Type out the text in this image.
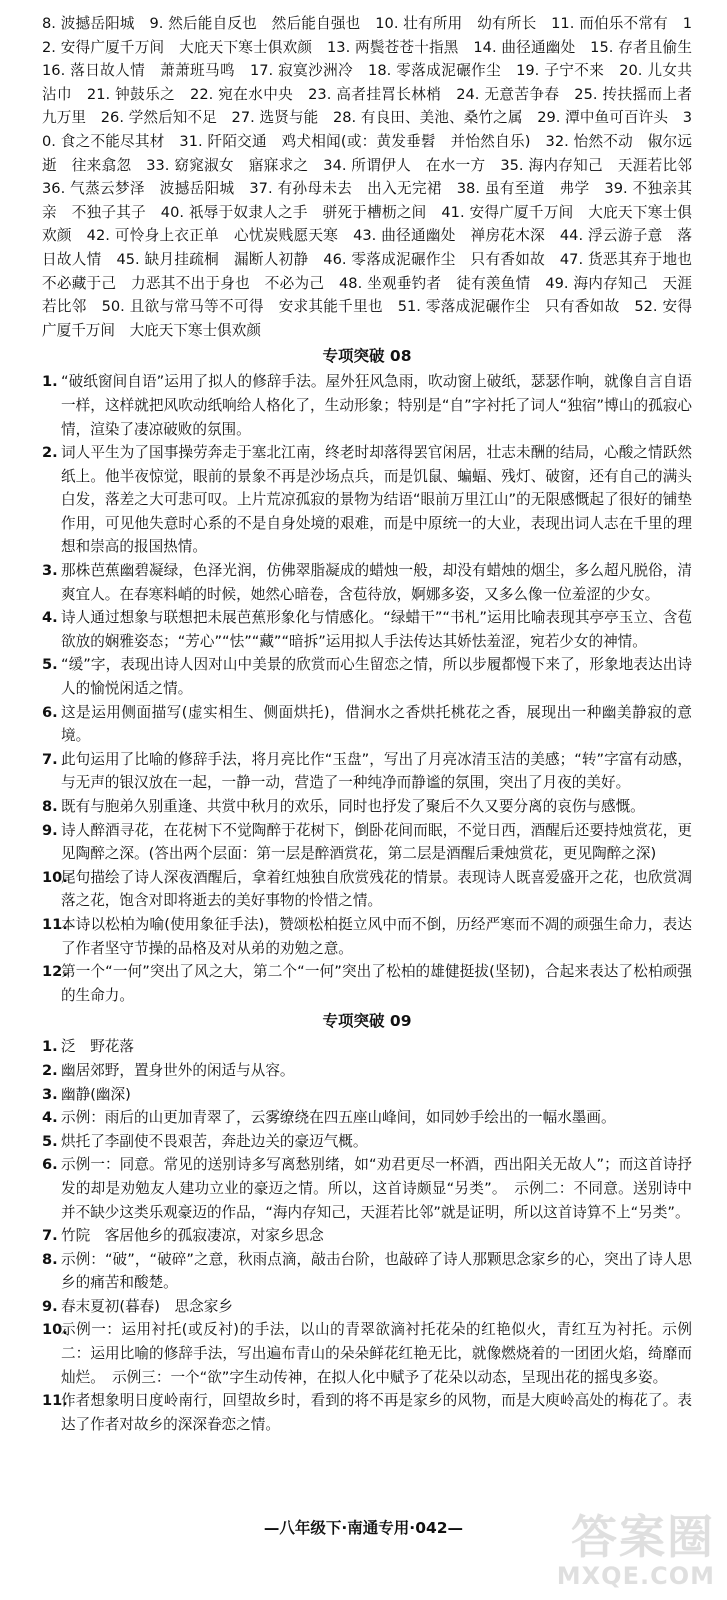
8. 波撼岳阳城　9. 然后能自反也　然后能自强也　10. 壮有所用　幼有所长　11. 而伯乐不常有　12. 安得广厦千万间　大庇天下寒士俱欢颜　13. 两鬓苍苍十指黑　14. 曲径通幽处　15. 存者且偷生　16. 落日故人情　萧萧班马鸣　17. 寂寞沙洲冷　18. 零落成泥碾作尘　19. 子宁不来　20. 儿女共沾巾　21. 钟鼓乐之　22. 宛在水中央　23. 高者挂罥长林梢　24. 无意苦争春　25. 抟扶摇而上者九万里　26. 学然后知不足　27. 选贤与能　28. 有良田、美池、桑竹之属　29. 潭中鱼可百许头　30. 食之不能尽其材　31. 阡陌交通　鸡犬相闻(或：黄发垂髫　并怡然自乐)　32. 怡然不动　俶尔远逝　往来翕忽　33. 窈窕淑女　寤寐求之　34. 所谓伊人　在水一方　35. 海内存知己　天涯若比邻　36. 气蒸云梦泽　波撼岳阳城　37. 有孙母未去　出入无完裙　38. 虽有至道　弗学　39. 不独亲其亲　不独子其子　40. 祇辱于奴隶人之手　骈死于槽枥之间　41. 安得广厦千万间　大庇天下寒士俱欢颜　42. 可怜身上衣正单　心忧炭贱愿天寒　43. 曲径通幽处　禅房花木深　44. 浮云游子意　落日故人情　45. 缺月挂疏桐　漏断人初静　46. 零落成泥碾作尘　只有香如故　47. 货恶其弃于地也　不必藏于己　力恶其不出于身也　不必为己　48. 坐观垂钓者　徒有羡鱼情　49. 海内存知己　天涯若比邻　50. 且欲与常马等不可得　安求其能千里也　51. 零落成泥碾作尘　只有香如故　52. 安得广厦千万间　大庇天下寒士俱欢颜

专项突破 08

1. “破纸窗间自语”运用了拟人的修辞手法。屋外狂风急雨，吹动窗上破纸，瑟瑟作响，就像自言自语一样，这样就把风吹动纸响给人格化了，生动形象；特别是“自”字衬托了词人“独宿”博山的孤寂心情，渲染了凄凉破败的氛围。

2. 词人平生为了国事操劳奔走于塞北江南，终老时却落得罢官闲居，壮志未酬的结局，心酸之情跃然纸上。他半夜惊觉，眼前的景象不再是沙场点兵，而是饥鼠、蝙蝠、残灯、破窗，还有自己的满头白发，落差之大可悲可叹。上片荒凉孤寂的景物为结语“眼前万里江山”的无限感慨起了很好的铺垫作用，可见他失意时心系的不是自身处境的艰难，而是中原统一的大业，表现出词人志在千里的理想和崇高的报国热情。

3. 那株芭蕉幽碧凝绿，色泽光润，仿佛翠脂凝成的蜡烛一般，却没有蜡烛的烟尘，多么超凡脱俗，清爽宜人。在春寒料峭的时候，她然心暗卷，含苞待放，婀娜多姿，又多么像一位羞涩的少女。

4. 诗人通过想象与联想把未展芭蕉形象化与情感化。“绿蜡干”“书札”运用比喻表现其亭亭玉立、含苞欲放的娴雅姿态；“芳心”“怯”“藏”“暗拆”运用拟人手法传达其娇怯羞涩，宛若少女的神情。

5. “缓”字，表现出诗人因对山中美景的欣赏而心生留恋之情，所以步履都慢下来了，形象地表达出诗人的愉悦闲适之情。

6. 这是运用侧面描写(虚实相生、侧面烘托)，借涧水之香烘托桃花之香，展现出一种幽美静寂的意境。

7. 此句运用了比喻的修辞手法，将月亮比作“玉盘”，写出了月亮冰清玉洁的美感；“转”字富有动感，与无声的银汉放在一起，一静一动，营造了一种纯净而静谧的氛围，突出了月夜的美好。

8. 既有与胞弟久别重逢、共赏中秋月的欢乐，同时也抒发了聚后不久又要分离的哀伤与感慨。

9. 诗人醉酒寻花，在花树下不觉陶醉于花树下，倒卧花间而眠，不觉日西，酒醒后还要持烛赏花，更见陶醉之深。(答出两个层面：第一层是醉酒赏花，第二层是酒醒后秉烛赏花，更见陶醉之深)

10.
尾句描绘了诗人深夜酒醒后，拿着红烛独自欣赏残花的情景。表现诗人既喜爱盛开之花，也欣赏凋落之花，饱含对即将逝去的美好事物的怜惜之情。

11.
本诗以松柏为喻(使用象征手法)，赞颂松柏挺立风中而不倒，历经严寒而不凋的顽强生命力，表达了作者坚守节操的品格及对从弟的劝勉之意。

12.
第一个“一何”突出了风之大，第二个“一何”突出了松柏的雄健挺拔(坚韧)，合起来表达了松柏顽强的生命力。

专项突破 09

1. 泛　野花落

2. 幽居郊野，置身世外的闲适与从容。

3. 幽静(幽深)

4. 示例：雨后的山更加青翠了，云雾缭绕在四五座山峰间，如同妙手绘出的一幅水墨画。

5. 烘托了李副使不畏艰苦，奔赴边关的豪迈气概。

6. 示例一：同意。常见的送别诗多写离愁别绪，如“劝君更尽一杯酒，西出阳关无故人”；而这首诗抒发的却是劝勉友人建功立业的豪迈之情。所以，这首诗颇显“另类”。　示例二：不同意。送别诗中并不缺少这类乐观豪迈的作品，“海内存知己，天涯若比邻”就是证明，所以这首诗算不上“另类”。

7. 竹院　客居他乡的孤寂凄凉，对家乡思念

8. 示例：“破”，“破碎”之意，秋雨点滴，敲击台阶，也敲碎了诗人那颗思念家乡的心，突出了诗人思乡的痛苦和酸楚。

9. 春末夏初(暮春)　思念家乡

10.
示例一：运用衬托(或反衬)的手法，以山的青翠欲滴衬托花朵的红艳似火，青红互为衬托。示例二：运用比喻的修辞手法，写出遍布青山的朵朵鲜花红艳无比，就像燃烧着的一团团火焰，绮靡而灿烂。　示例三：一个“欲”字生动传神，在拟人化中赋予了花朵以动态，呈现出花的摇曳多姿。

11.
作者想象明日度岭南行，回望故乡时，看到的将不再是家乡的风物，而是大庾岭高处的梅花了。表达了作者对故乡的深深眷恋之情。

—八年级下·南通专用·042—	答案圈
MXQE.COM
